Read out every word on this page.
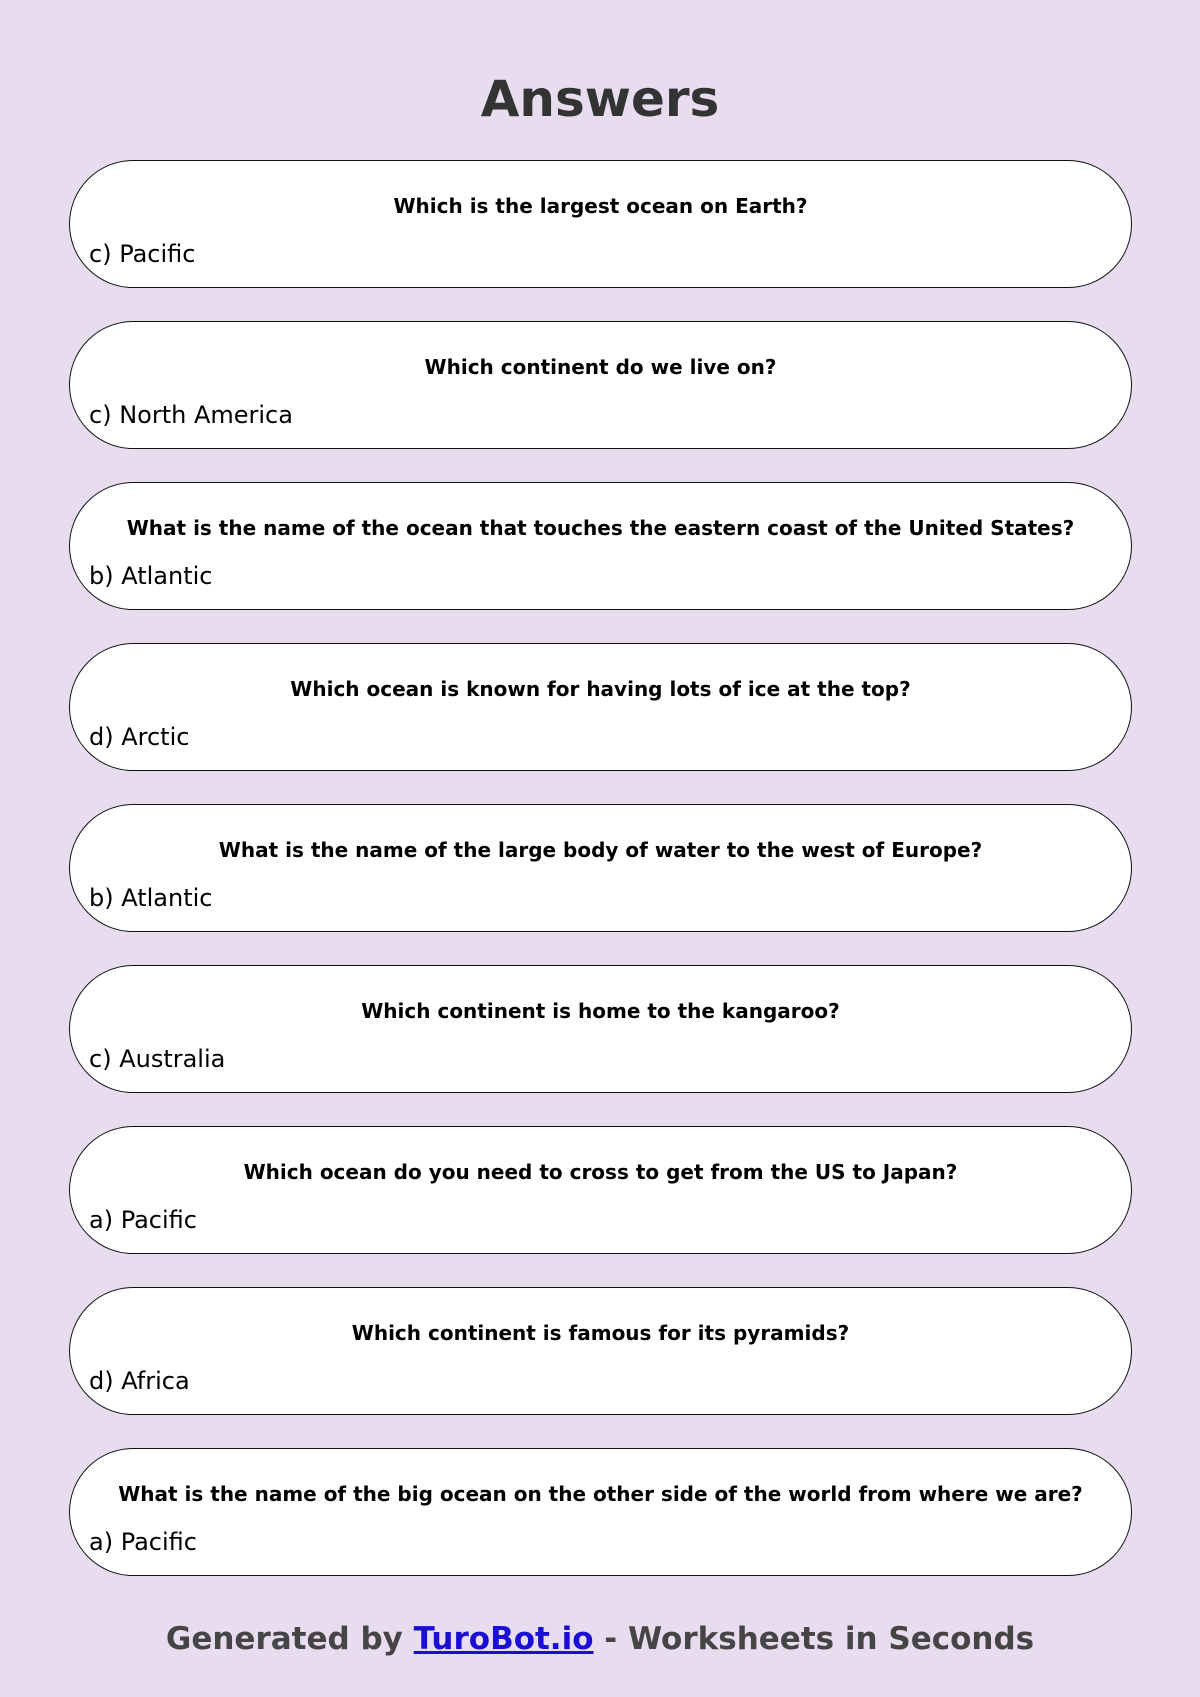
Answers
Which is the largest ocean on Earth?
c) Pacific
Which continent do we live on?
c) North America
What is the name of the ocean that touches the eastern coast of the United States?
b) Atlantic
Which ocean is known for having lots of ice at the top?
d) Arctic
What is the name of the large body of water to the west of Europe?
b) Atlantic
Which continent is home to the kangaroo?
c) Australia
Which ocean do you need to cross to get from the US to Japan?
a) Pacific
Which continent is famous for its pyramids?
d) Africa
What is the name of the big ocean on the other side of the world from where we are?
a) Pacific
Generated by TuroBot.io - Worksheets in Seconds
